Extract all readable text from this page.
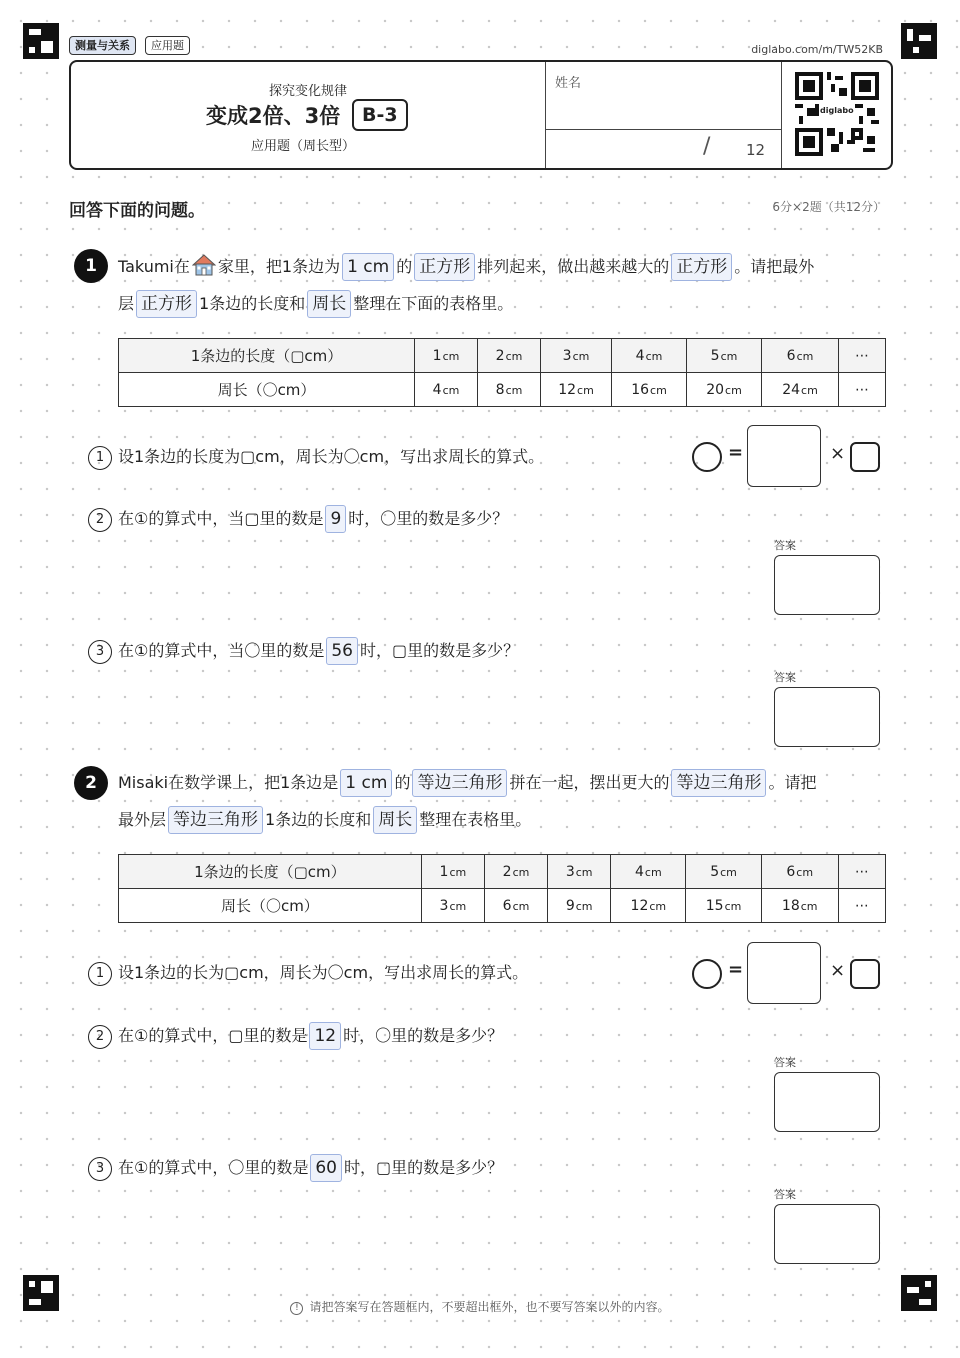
测量与关系	应用题	diglabo.com/m/TW52KB
探究变化规律
变成2倍、3倍	B-3
应用题（周长型）
姓名
/ 12
diglabo
回答下面的问题。	6分×2题（共12分）
1	Takumi在 家里，把1条边为 1 cm 的 正方形 排列起来，做出越来越大的 正方形 。请把最外
层 正方形 1条边的长度和 周长 整理在下面的表格里。
1条边的长度（▢cm）	1cm	2cm	3cm	4cm	5cm	6cm	⋯
周长（〇cm）	4cm	8cm	12cm	16cm	20cm	24cm	⋯
1 设1条边的长度为▢cm，周长为〇cm，写出求周长的算式。	=	×
2 在①的算式中，当▢里的数是 9 时，〇里的数是多少？
答案
3 在①的算式中，当〇里的数是 56 时，▢里的数是多少？
答案
2	Misaki在数学课上，把1条边是 1 cm 的 等边三角形 拼在一起，摆出更大的 等边三角形 。请把
最外层 等边三角形 1条边的长度和 周长 整理在表格里。
1条边的长度（▢cm）	1cm	2cm	3cm	4cm	5cm	6cm	⋯
周长（〇cm）	3cm	6cm	9cm	12cm	15cm	18cm	⋯
1 设1条边的长为▢cm，周长为〇cm，写出求周长的算式。	=	×
2 在①的算式中，▢里的数是 12 时，〇里的数是多少？
答案
3 在①的算式中，〇里的数是 60 时，▢里的数是多少？
答案
! 请把答案写在答题框内，不要超出框外，也不要写答案以外的内容。
